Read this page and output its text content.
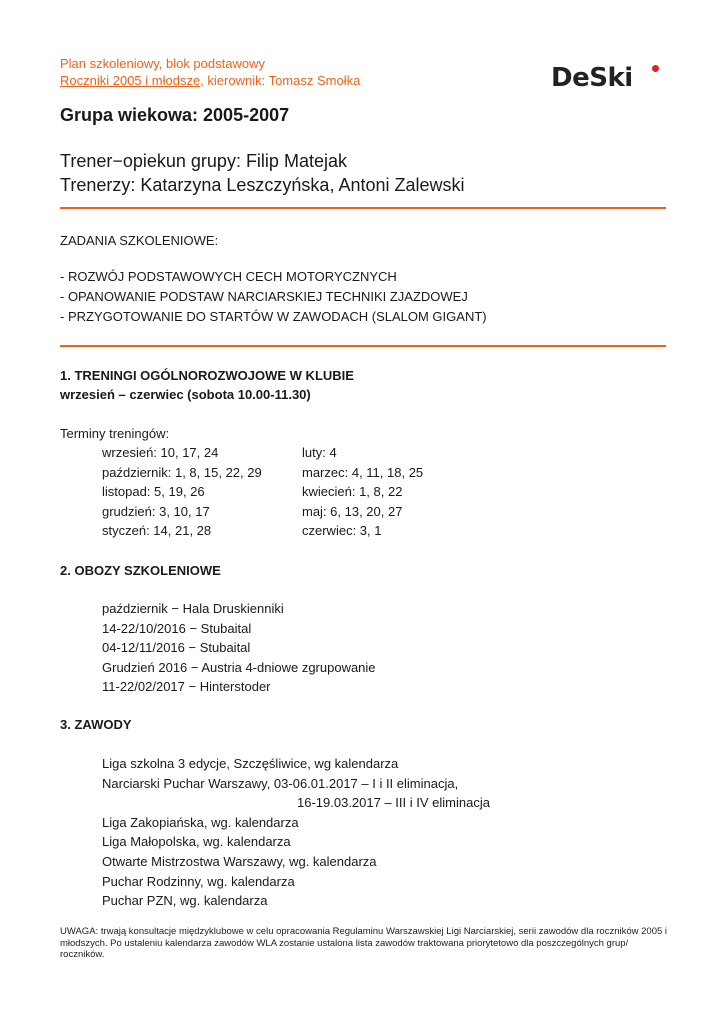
Plan szkoleniowy, blok podstawowy
Roczniki 2005 i młodsze, kierownik: Tomasz Smołka	DeSki
Grupa wiekowa: 2005-2007
Trener−opiekun grupy: Filip Matejak
Trenerzy: Katarzyna Leszczyńska, Antoni Zalewski
ZADANIA SZKOLENIOWE:
- ROZWÓJ PODSTAWOWYCH CECH MOTORYCZNYCH
- OPANOWANIE PODSTAW NARCIARSKIEJ TECHNIKI ZJAZDOWEJ
- PRZYGOTOWANIE DO STARTÓW W ZAWODACH (SLALOM GIGANT)
1. TRENINGI OGÓLNOROZWOJOWE W KLUBIE
wrzesień – czerwiec (sobota 10.00-11.30)
Terminy treningów:
wrzesień: 10, 17, 24
październik: 1, 8, 15, 22, 29
listopad: 5, 19, 26
grudzień: 3, 10, 17
styczeń: 14, 21, 28
luty: 4
marzec: 4, 11, 18, 25
kwiecień: 1, 8, 22
maj: 6, 13, 20, 27
czerwiec: 3, 1
2. OBOZY SZKOLENIOWE
październik − Hala Druskienniki
14-22/10/2016 − Stubaital
04-12/11/2016 − Stubaital
Grudzień 2016 − Austria 4-dniowe zgrupowanie
11-22/02/2017 − Hinterstoder
3. ZAWODY
Liga szkolna 3 edycje, Szczęśliwice, wg kalendarza
Narciarski Puchar Warszawy, 03-06.01.2017 – I i II eliminacja,
16-19.03.2017 – III i IV eliminacja
Liga Zakopiańska, wg. kalendarza
Liga Małopolska, wg. kalendarza
Otwarte Mistrzostwa Warszawy, wg. kalendarza
Puchar Rodzinny, wg. kalendarza
Puchar PZN, wg. kalendarza
UWAGA: trwają konsultacje międzyklubowe w celu opracowania Regulaminu Warszawskiej Ligi Narciarskiej, serii zawodów dla roczników 2005 i młodszych. Po ustaleniu kalendarza zawodów WLA zostanie ustalona lista zawodów traktowana priorytetowo dla poszczególnych grup/ roczników.
